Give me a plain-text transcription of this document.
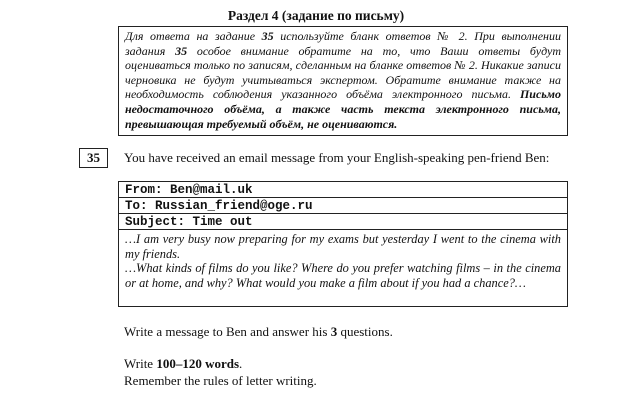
Раздел 4 (задание по письму)
Для ответа на задание 35 используйте бланк ответов № 2. При выполнении задания 35 особое внимание обратите на то, что Ваши ответы будут оцениваться только по записям, сделанным на бланке ответов № 2. Никакие записи черновика не будут учитываться экспертом. Обратите внимание также на необходимость соблюдения указанного объёма электронного письма. Письмо недостаточного объёма, а также часть текста электронного письма, превышающая требуемый объём, не оцениваются.
35	You have received an email message from your English-speaking pen-friend Ben:
From: Ben@mail.uk
To: Russian_friend@oge.ru
Subject: Time out

…I am very busy now preparing for my exams but yesterday I went to the cinema with my friends.

…What kinds of films do you like? Where do you prefer watching films – in the cinema or at home, and why? What would you make a film about if you had a chance?…

Write a message to Ben and answer his 3 questions.
Write 100–120 words.
Remember the rules of letter writing.
